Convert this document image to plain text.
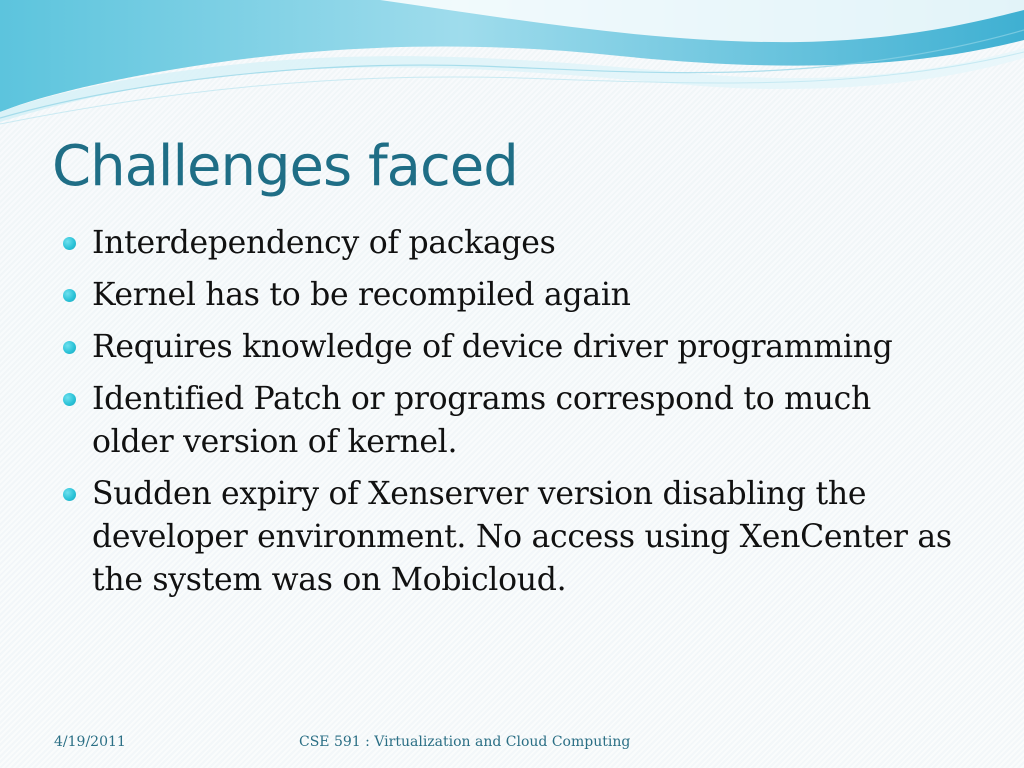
Challenges faced
Interdependency of packages
Kernel has to be recompiled again
Requires knowledge of device driver programming
Identified Patch or programs correspond to much older version of kernel.
Sudden expiry of Xenserver version disabling the developer environment. No access using XenCenter as the system was on Mobicloud.
4/19/2011	CSE 591 : Virtualization and Cloud Computing
